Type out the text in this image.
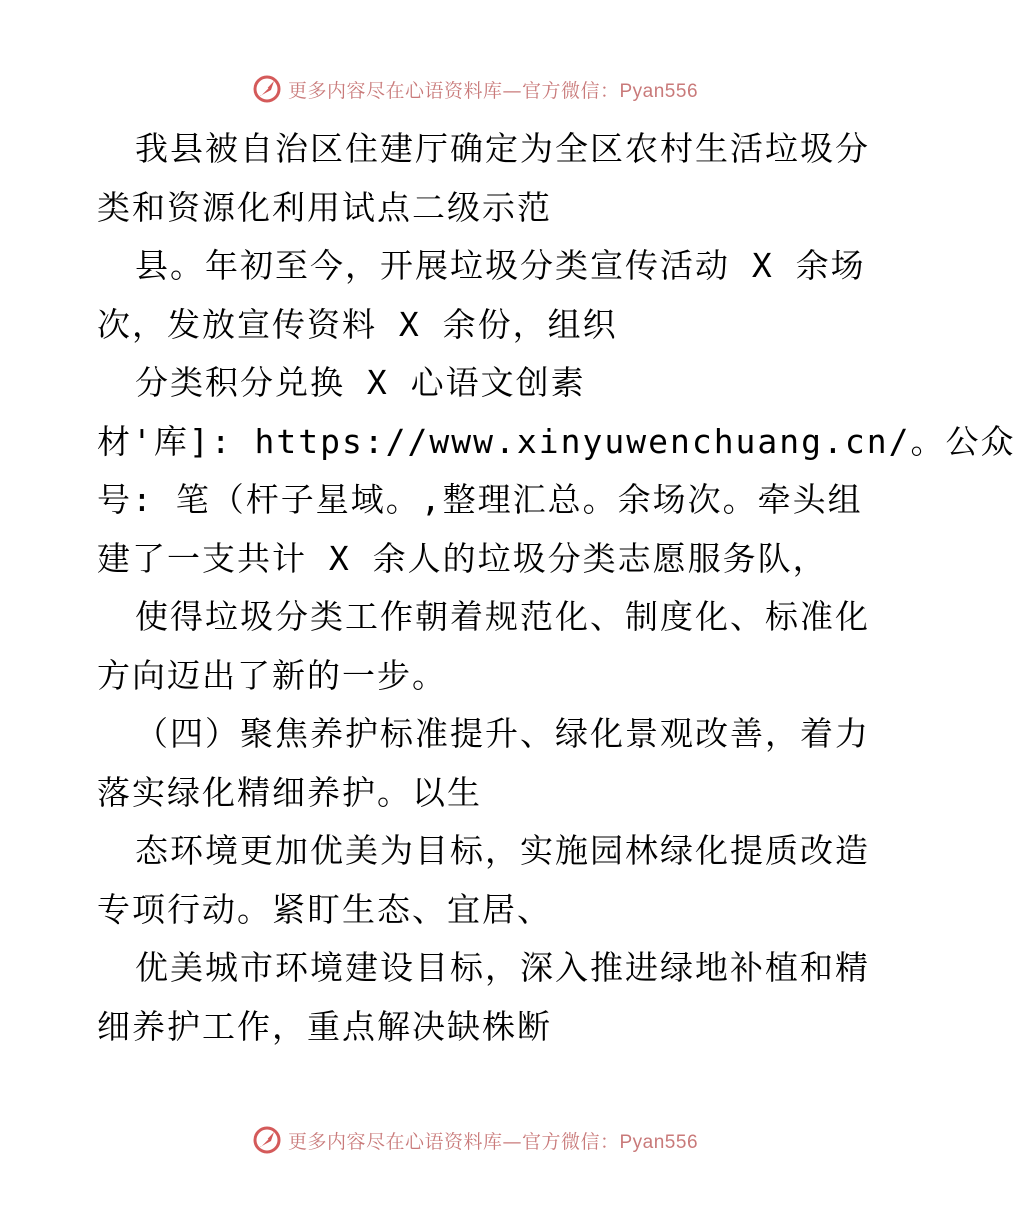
更多内容尽在心语资料库—官方微信：Pyan556
我县被自治区住建厅确定为全区农村生活垃圾分
类和资源化利用试点二级示范
县。年初至今，开展垃圾分类宣传活动 X 余场
次，发放宣传资料 X 余份，组织
分类积分兑换 X 心语文创素
材'库]: https://www.xinyuwenchuang.cn/。公众
号: 笔（杆子星域。,整理汇总。余场次。牵头组
建了一支共计 X 余人的垃圾分类志愿服务队，
使得垃圾分类工作朝着规范化、制度化、标准化
方向迈出了新的一步。
（四）聚焦养护标准提升、绿化景观改善，着力
落实绿化精细养护。以生
态环境更加优美为目标，实施园林绿化提质改造
专项行动。紧盯生态、宜居、
优美城市环境建设目标，深入推进绿地补植和精
细养护工作，重点解决缺株断
更多内容尽在心语资料库—官方微信：Pyan556
